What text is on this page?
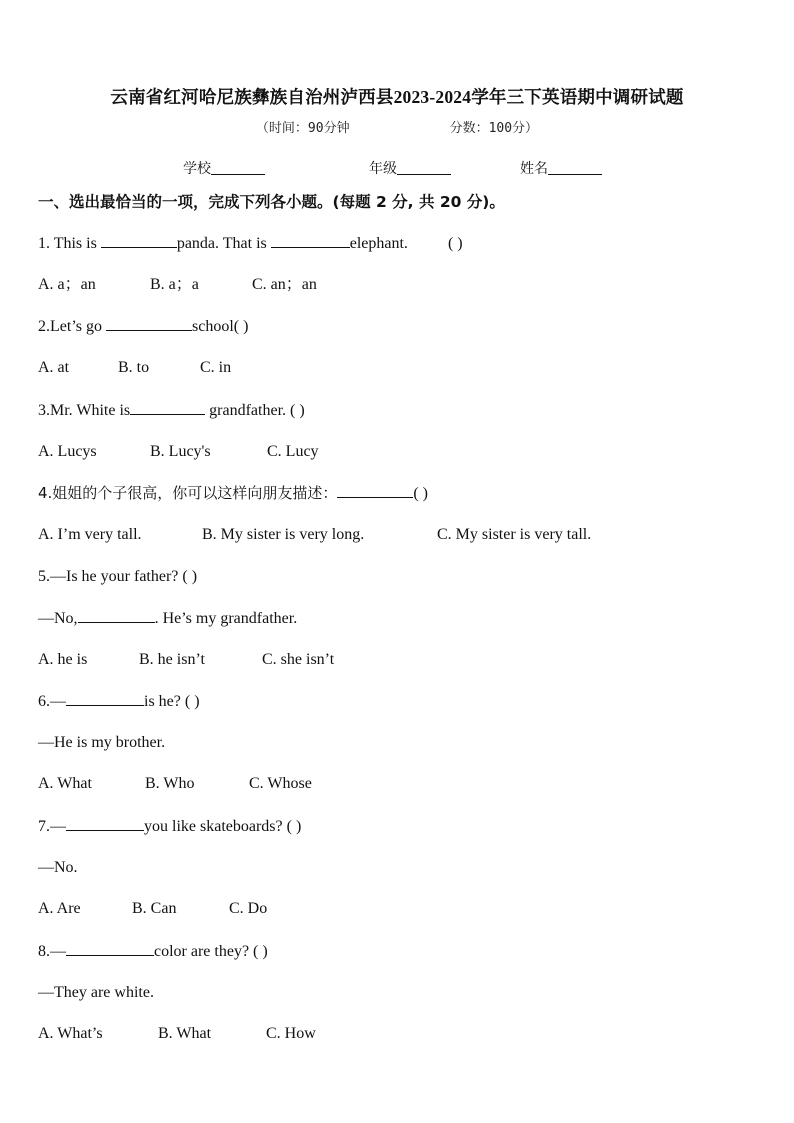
云南省红河哈尼族彝族自治州泸西县2023-2024学年三下英语期中调研试题
（时间：90分钟	分数：100分）
学校	年级	姓名
一、选出最恰当的一项，完成下列各小题。(每题 2 分, 共 20 分)。
1. This is	panda. That is	elephant.	( )
A. a；an	B. a；a	C. an；an
2.Let’s go	school( )
A. at	B. to	C. in
3.Mr. White is	grandfather. ( )
A. Lucys	B. Lucy's	C. Lucy
4.姐姐的个子很高，你可以这样向朋友描述：	( )
A. I’m very tall.	B. My sister is very long.	C. My sister is very tall.
5.—Is he your father? ( )
—No,	. He’s my grandfather.
A. he is	B. he isn’t	C. she isn’t
6.—	is he? ( )
—He is my brother.
A. What	B. Who	C. Whose
7.—	you like skateboards? ( )
—No.
A. Are	B. Can	C. Do
8.—	color are they? ( )
—They are white.
A. What’s	B. What	C. How
